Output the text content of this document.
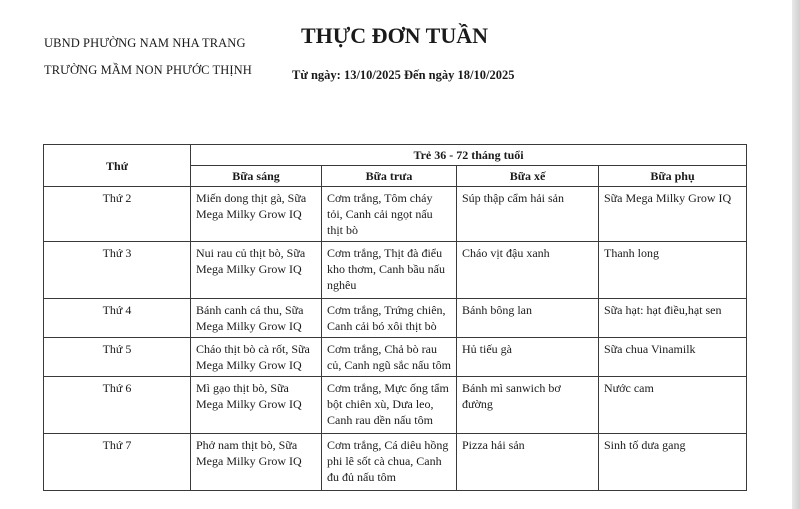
UBND PHƯỜNG NAM NHA TRANG
TRƯỜNG MẦM NON PHƯỚC THỊNH
THỰC ĐƠN TUẦN
Từ ngày: 13/10/2025 Đến ngày 18/10/2025
Thứ	Trẻ 36 - 72 tháng tuổi			
	Bữa sáng	Bữa trưa	Bữa xế	Bữa phụ
Thứ 2	Miến dong thịt gà, Sữa Mega Milky Grow IQ	Cơm trắng, Tôm cháy tỏi, Canh cải ngọt nấu thịt bò	Súp thập cẩm hải sản	Sữa Mega Milky Grow IQ
Thứ 3	Nui rau củ thịt bò, Sữa Mega Milky Grow IQ	Cơm trắng, Thịt đà điểu kho thơm, Canh bầu nấu nghêu	Cháo vịt đậu xanh	Thanh long
Thứ 4	Bánh canh cá thu, Sữa Mega Milky Grow IQ	Cơm trắng, Trứng chiên, Canh cải bó xôi thịt bò	Bánh bông lan	Sữa hạt: hạt điều,hạt sen
Thứ 5	Cháo thịt bò cà rốt, Sữa Mega Milky Grow IQ	Cơm trắng, Chả bò rau củ, Canh ngũ sắc nấu tôm	Hủ tiếu gà	Sữa chua Vinamilk
Thứ 6	Mì gạo thịt bò, Sữa Mega Milky Grow IQ	Cơm trắng, Mực ống tẩm bột chiên xù, Dưa leo, Canh rau dền nấu tôm	Bánh mì sanwich bơ đường	Nước cam
Thứ 7	Phở nam thịt bò, Sữa Mega Milky Grow IQ	Cơm trắng, Cá diêu hồng phi lê sốt cà chua, Canh đu đủ nấu tôm	Pizza hải sản	Sinh tố dưa gang
